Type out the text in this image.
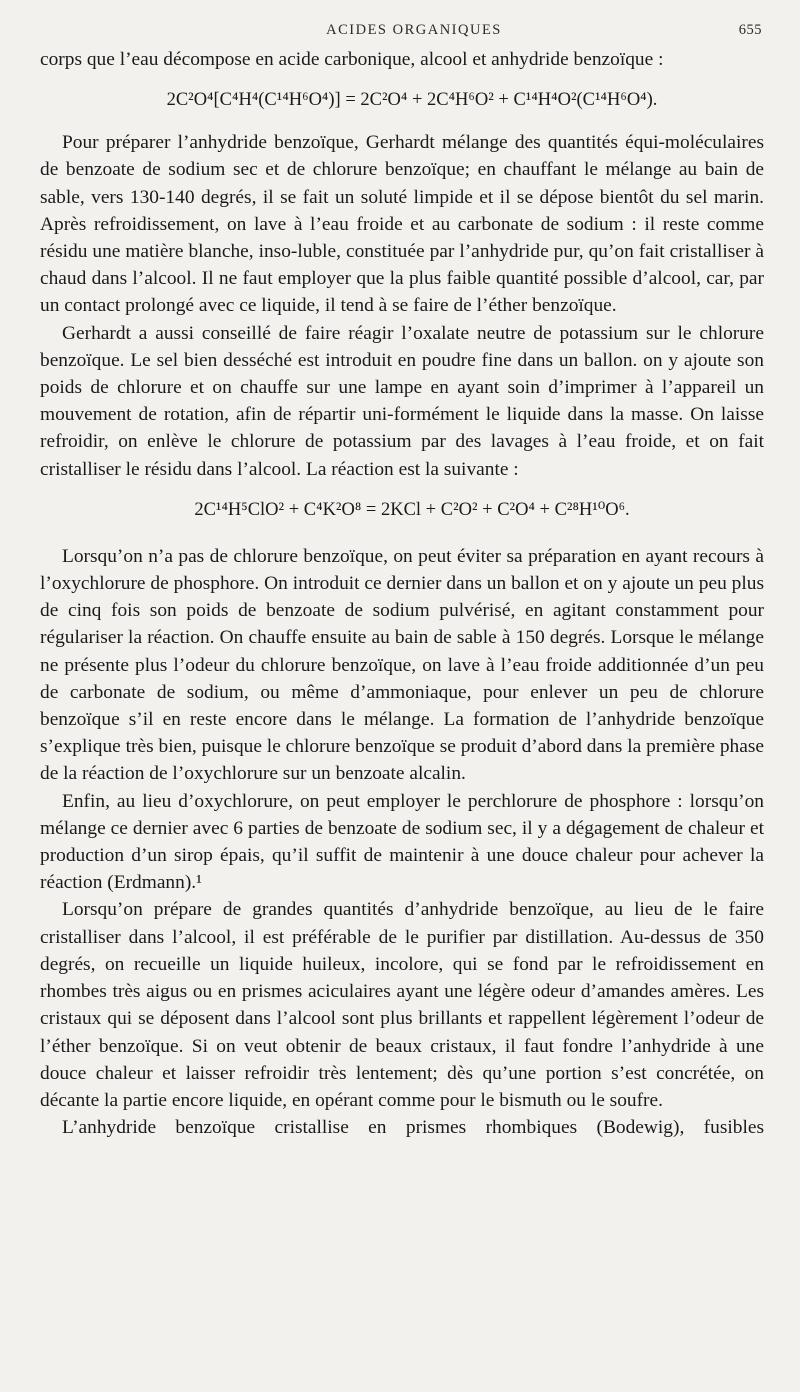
ACIDES ORGANIQUES	655

corps que l’eau décompose en acide carbonique, alcool et anhydride benzoïque :

2C²O⁴[C⁴H⁴(C¹⁴H⁶O⁴)] = 2C²O⁴ + 2C⁴H⁶O² + C¹⁴H⁴O²(C¹⁴H⁶O⁴).

Pour préparer l’anhydride benzoïque, Gerhardt mélange des quantités équi-moléculaires de benzoate de sodium sec et de chlorure benzoïque; en chauffant le mélange au bain de sable, vers 130-140 degrés, il se fait un soluté limpide et il se dépose bientôt du sel marin. Après refroidissement, on lave à l’eau froide et au carbonate de sodium : il reste comme résidu une matière blanche, inso-luble, constituée par l’anhydride pur, qu’on fait cristalliser à chaud dans l’alcool. Il ne faut employer que la plus faible quantité possible d’alcool, car, par un contact prolongé avec ce liquide, il tend à se faire de l’éther benzoïque.

Gerhardt a aussi conseillé de faire réagir l’oxalate neutre de potassium sur le chlorure benzoïque. Le sel bien desséché est introduit en poudre fine dans un ballon. on y ajoute son poids de chlorure et on chauffe sur une lampe en ayant soin d’imprimer à l’appareil un mouvement de rotation, afin de répartir uni-formément le liquide dans la masse. On laisse refroidir, on enlève le chlorure de potassium par des lavages à l’eau froide, et on fait cristalliser le résidu dans l’alcool. La réaction est la suivante :

2C¹⁴H⁵ClO² + C⁴K²O⁸ = 2KCl + C²O² + C²O⁴ + C²⁸H¹⁰O⁶.

Lorsqu’on n’a pas de chlorure benzoïque, on peut éviter sa préparation en ayant recours à l’oxychlorure de phosphore. On introduit ce dernier dans un ballon et on y ajoute un peu plus de cinq fois son poids de benzoate de sodium pulvérisé, en agitant constamment pour régulariser la réaction. On chauffe ensuite au bain de sable à 150 degrés. Lorsque le mélange ne présente plus l’odeur du chlorure benzoïque, on lave à l’eau froide additionnée d’un peu de carbonate de sodium, ou même d’ammoniaque, pour enlever un peu de chlorure benzoïque s’il en reste encore dans le mélange. La formation de l’anhydride benzoïque s’explique très bien, puisque le chlorure benzoïque se produit d’abord dans la première phase de la réaction de l’oxychlorure sur un benzoate alcalin.

Enfin, au lieu d’oxychlorure, on peut employer le perchlorure de phosphore : lorsqu’on mélange ce dernier avec 6 parties de benzoate de sodium sec, il y a dégagement de chaleur et production d’un sirop épais, qu’il suffit de maintenir à une douce chaleur pour achever la réaction (Erdmann).¹

Lorsqu’on prépare de grandes quantités d’anhydride benzoïque, au lieu de le faire cristalliser dans l’alcool, il est préférable de le purifier par distillation. Au-dessus de 350 degrés, on recueille un liquide huileux, incolore, qui se fond par le refroidissement en rhombes très aigus ou en prismes aciculaires ayant une légère odeur d’amandes amères. Les cristaux qui se déposent dans l’alcool sont plus brillants et rappellent légèrement l’odeur de l’éther benzoïque. Si on veut obtenir de beaux cristaux, il faut fondre l’anhydride à une douce chaleur et laisser refroidir très lentement; dès qu’une portion s’est concrétée, on décante la partie encore liquide, en opérant comme pour le bismuth ou le soufre.

L’anhydride benzoïque cristallise en prismes rhombiques (Bodewig), fusibles
